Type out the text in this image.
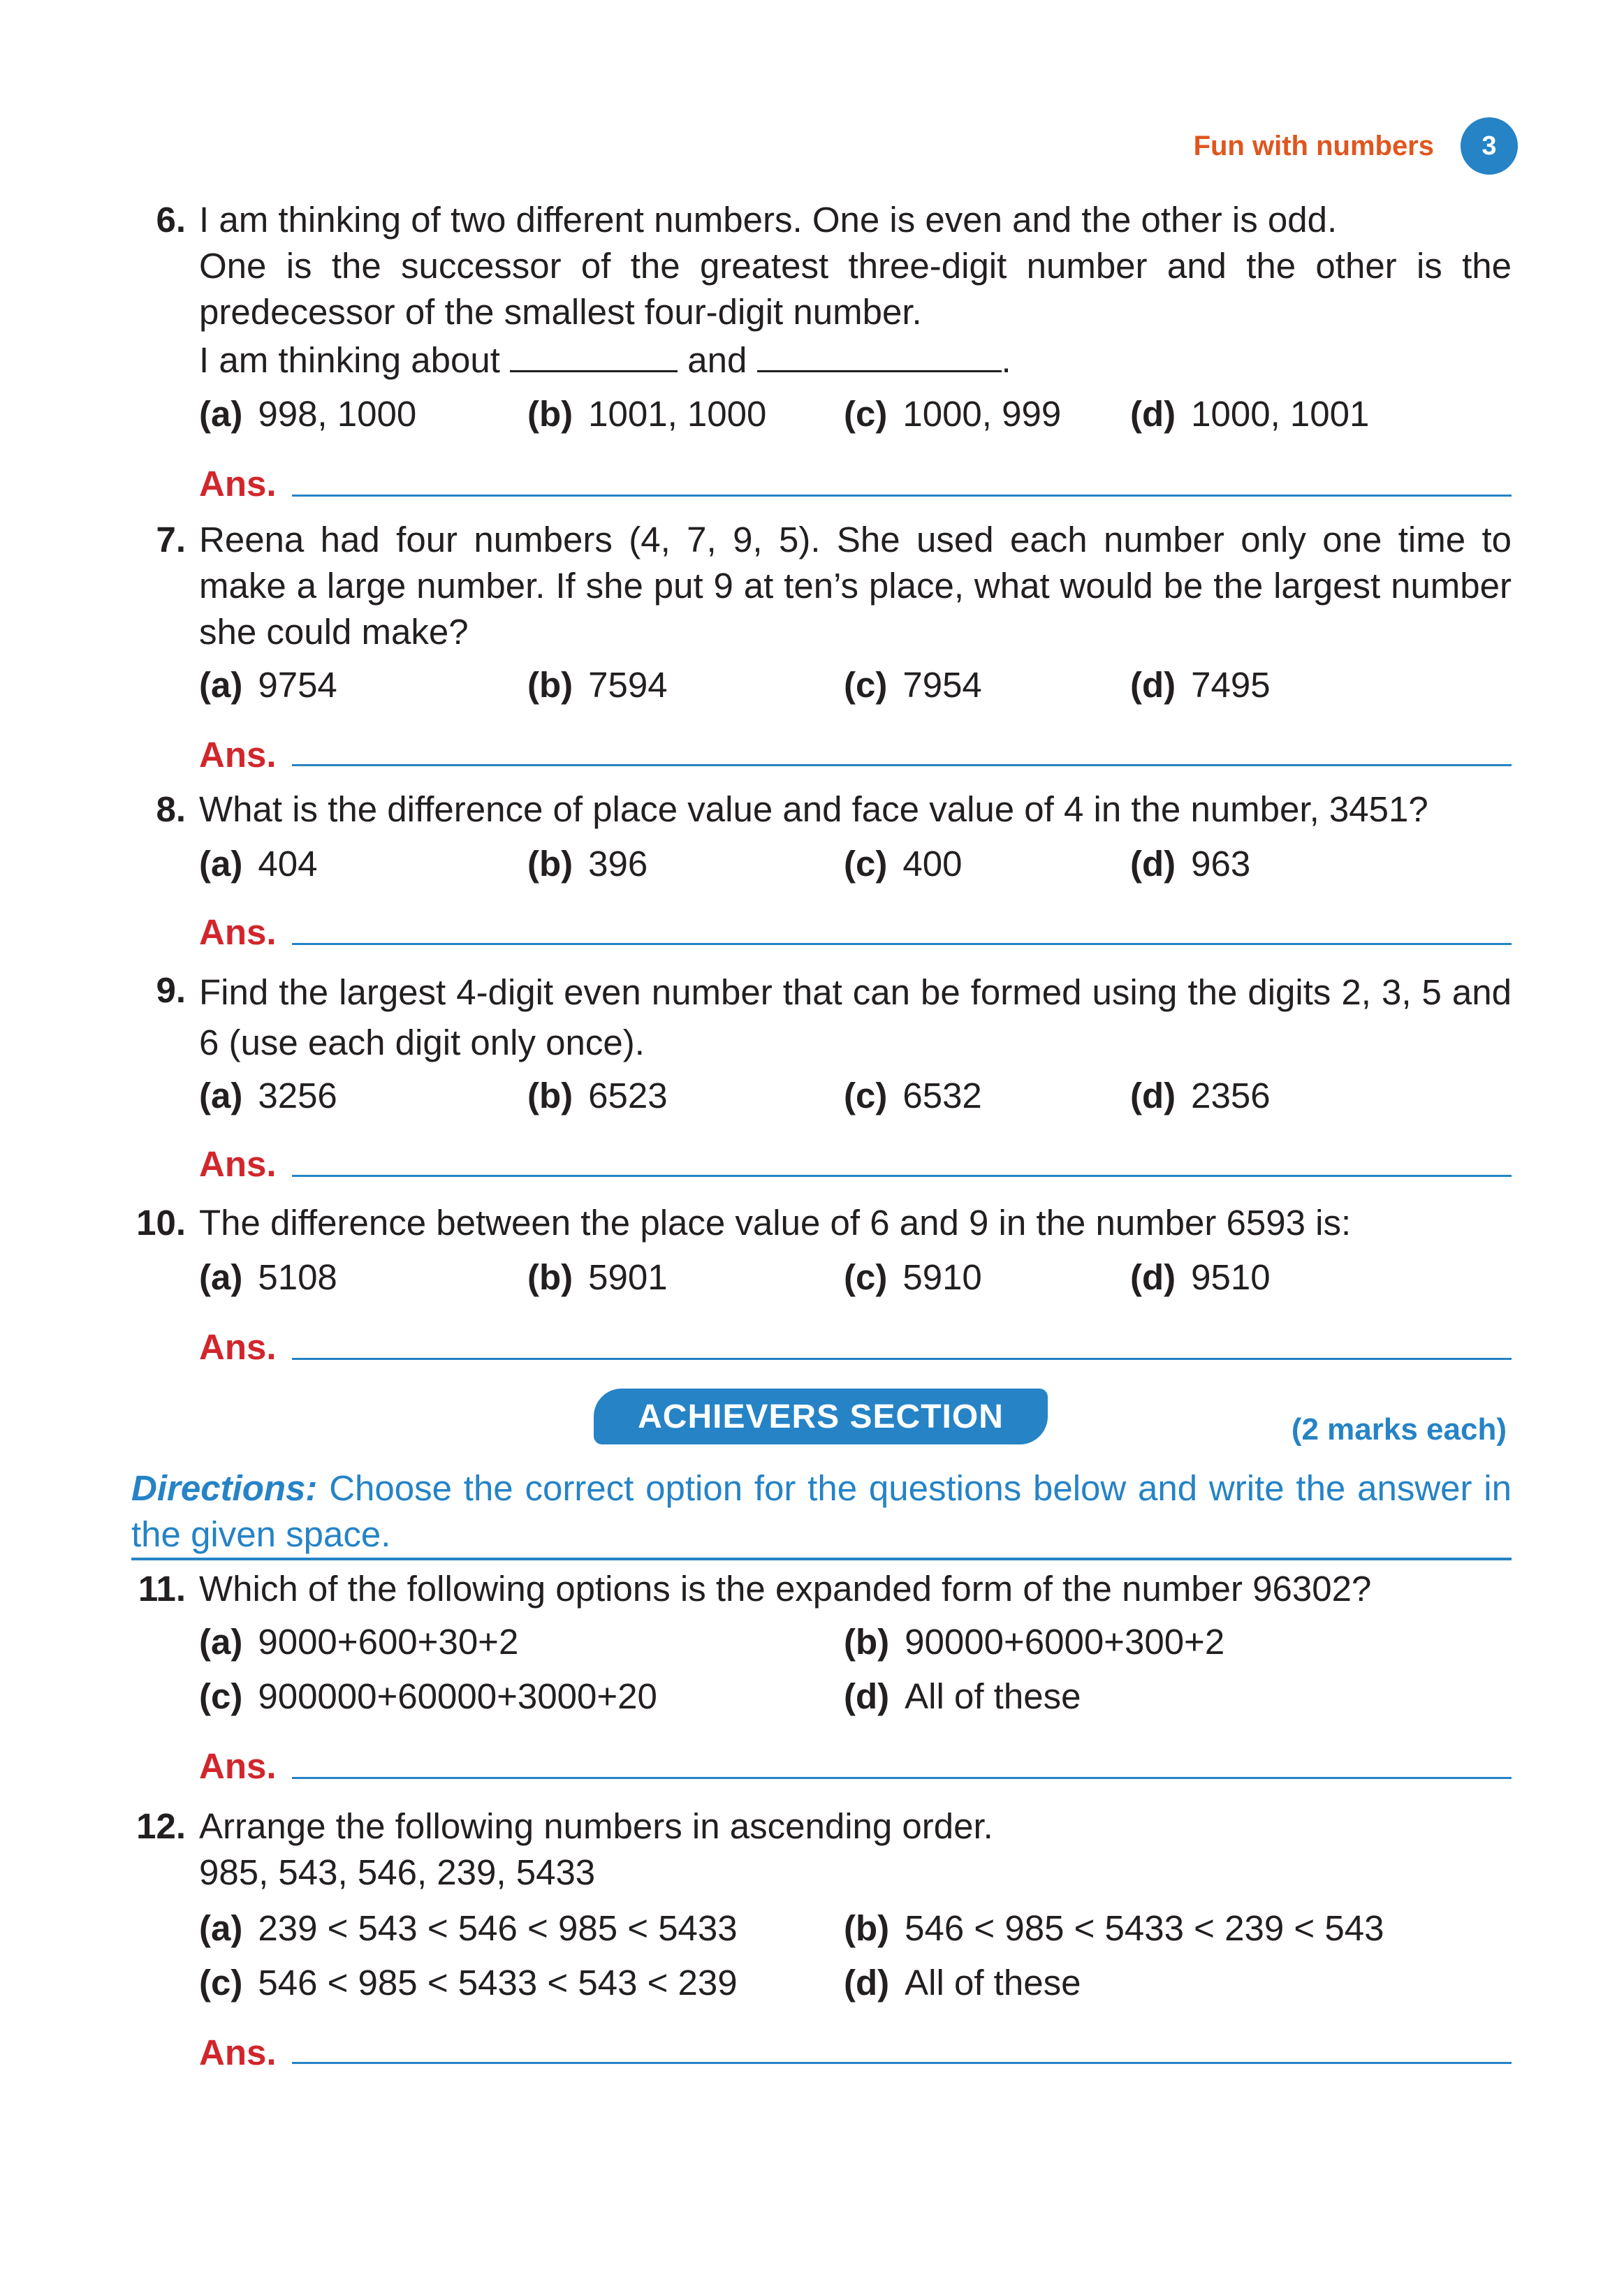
Fun with numbers	3
6. I am thinking of two different numbers. One is even and the other is odd.

One is the successor of the greatest three-digit number and the other is the predecessor of the smallest four-digit number.

I am thinking about	and	.

(a) 998, 1000	(b) 1001, 1000 (c) 1000, 999 (d) 1000, 1001
Ans.
7. Reena had four numbers (4, 7, 9, 5). She used each number only one time to make a large number. If she put 9 at ten’s place, what would be the largest number she could make?

(a) 9754	(b) 7594	(c) 7954	(d) 7495
Ans.
8. What is the difference of place value and face value of 4 in the number, 3451?

(a) 404	(b) 396	(c) 400	(d) 963
Ans.
9. Find the largest 4-digit even number that can be formed using the digits 2, 3, 5 and 6 (use each digit only once).

(a) 3256	(b) 6523	(c) 6532	(d) 2356
Ans.
10. The difference between the place value of 6 and 9 in the number 6593 is:

(a) 5108	(b) 5901	(c) 5910	(d) 9510
Ans.
ACHIEVERS SECTION	(2 marks each)
Directions: Choose the correct option for the questions below and write the answer in the given space.
11. Which of the following options is the expanded form of the number 96302?

(a) 9000+600+30+2	(b) 90000+6000+300+2
(c) 900000+60000+3000+20	(d) All of these
Ans.
12. Arrange the following numbers in ascending order.

985, 543, 546, 239, 5433

(a) 239 < 543 < 546 < 985 < 5433	(b) 546 < 985 < 5433 < 239 < 543
(c) 546 < 985 < 5433 < 543 < 239	(d) All of these
Ans.
